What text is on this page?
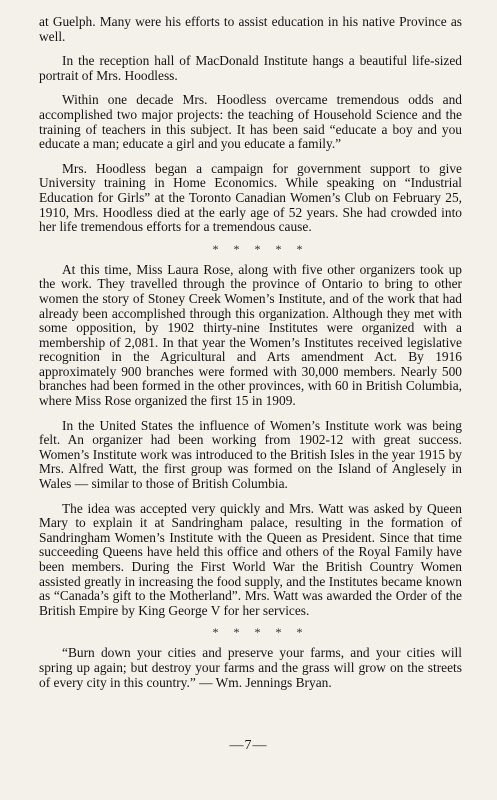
at Guelph. Many were his efforts to assist education in his native Province as well.

In the reception hall of MacDonald Institute hangs a beautiful life-sized portrait of Mrs. Hoodless.

Within one decade Mrs. Hoodless overcame tremendous odds and accomplished two major projects: the teaching of Household Science and the training of teachers in this subject. It has been said “educate a boy and you educate a man; educate a girl and you educate a family.”

Mrs. Hoodless began a campaign for government support to give University training in Home Economics. While speaking on “Industrial Education for Girls” at the Toronto Canadian Women’s Club on February 25, 1910, Mrs. Hoodless died at the early age of 52 years. She had crowded into her life tremendous efforts for a tremendous cause.

* * * * *

At this time, Miss Laura Rose, along with five other organizers took up the work. They travelled through the province of Ontario to bring to other women the story of Stoney Creek Women’s Institute, and of the work that had already been accomplished through this organization. Although they met with some opposition, by 1902 thirty-nine Institutes were organized with a membership of 2,081. In that year the Women’s Institutes received legislative recognition in the Agricultural and Arts amendment Act. By 1916 approximately 900 branches were formed with 30,000 members. Nearly 500 branches had been formed in the other provinces, with 60 in British Columbia, where Miss Rose organized the first 15 in 1909.

In the United States the influence of Women’s Institute work was being felt. An organizer had been working from 1902-12 with great success. Women’s Institute work was introduced to the British Isles in the year 1915 by Mrs. Alfred Watt, the first group was formed on the Island of Anglesely in Wales — similar to those of British Columbia.

The idea was accepted very quickly and Mrs. Watt was asked by Queen Mary to explain it at Sandringham palace, resulting in the formation of Sandringham Women’s Institute with the Queen as President. Since that time succeeding Queens have held this office and others of the Royal Family have been members. During the First World War the British Country Women assisted greatly in increasing the food supply, and the Institutes became known as “Canada’s gift to the Motherland”. Mrs. Watt was awarded the Order of the British Empire by King George V for her services.

* * * * *

“Burn down your cities and preserve your farms, and your cities will spring up again; but destroy your farms and the grass will grow on the streets of every city in this country.” — Wm. Jennings Bryan.

—7—
